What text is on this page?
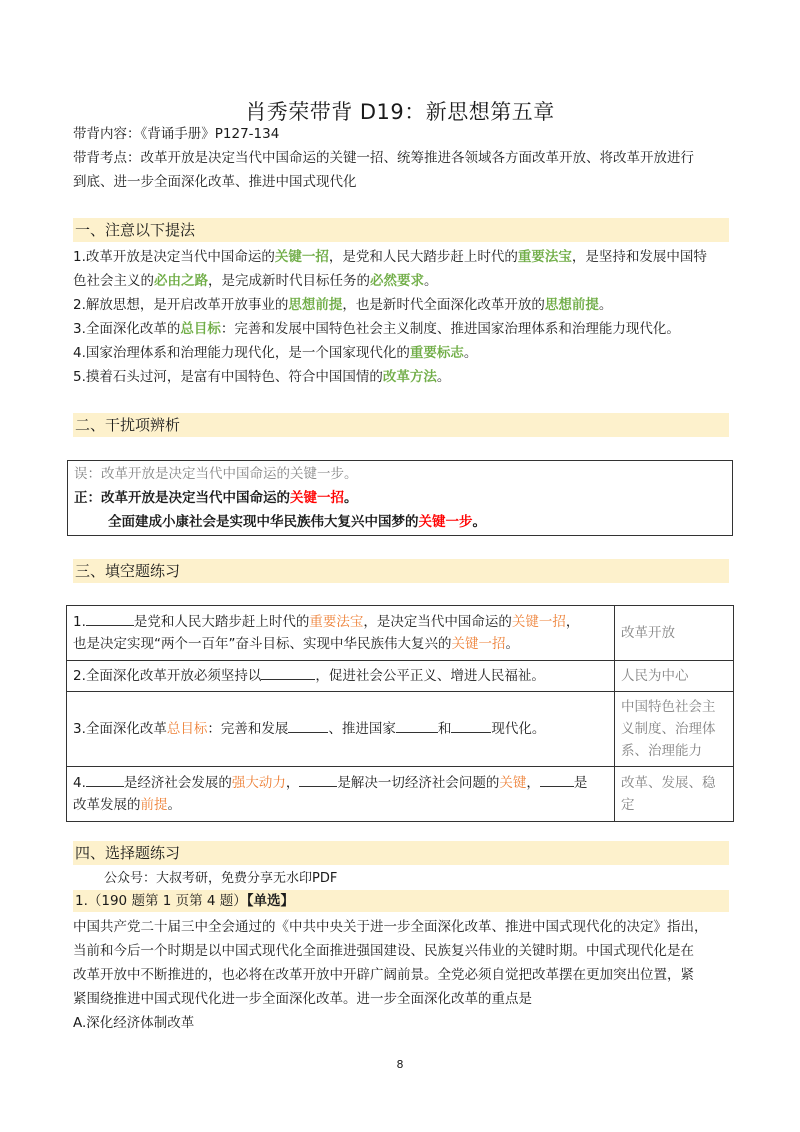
肖秀荣带背 D19：新思想第五章
带背内容：《背诵手册》P127-134
带背考点：改革开放是决定当代中国命运的关键一招、统筹推进各领域各方面改革开放、将改革开放进行
到底、进一步全面深化改革、推进中国式现代化
一、注意以下提法
1.改革开放是决定当代中国命运的关键一招，是党和人民大踏步赶上时代的重要法宝，是坚持和发展中国特
色社会主义的必由之路，是完成新时代目标任务的必然要求。
2.解放思想，是开启改革开放事业的思想前提，也是新时代全面深化改革开放的思想前提。
3.全面深化改革的总目标：完善和发展中国特色社会主义制度、推进国家治理体系和治理能力现代化。
4.国家治理体系和治理能力现代化，是一个国家现代化的重要标志。
5.摸着石头过河，是富有中国特色、符合中国国情的改革方法。
二、干扰项辨析
误：改革开放是决定当代中国命运的关键一步。
正：改革开放是决定当代中国命运的关键一招。
全面建成小康社会是实现中华民族伟大复兴中国梦的关键一步。
三、填空题练习
1. 是党和人民大踏步赶上时代的重要法宝，是决定当代中国命运的关键一招，
也是决定实现“两个一百年”奋斗目标、实现中华民族伟大复兴的关键一招。	改革开放
2.全面深化改革开放必须坚持以 ，促进社会公平正义、增进人民福祉。	人民为中心
3.全面深化改革总目标：完善和发展 、推进国家 和 现代化。	中国特色社会主义制度、治理体系、治理能力

4. 是经济社会发展的强大动力， 是解决一切经济社会问题的关键， 是
改革发展的前提。	改革、发展、稳定
四、选择题练习
公众号：大叔考研，免费分享无水印PDF
1.（190 题第 1 页第 4 题）【单选】
中国共产党二十届三中全会通过的《中共中央关于进一步全面深化改革、推进中国式现代化的决定》指出，
当前和今后一个时期是以中国式现代化全面推进强国建设、民族复兴伟业的关键时期。中国式现代化是在
改革开放中不断推进的，也必将在改革开放中开辟广阔前景。全党必须自觉把改革摆在更加突出位置，紧
紧围绕推进中国式现代化进一步全面深化改革。进一步全面深化改革的重点是
A.深化经济体制改革
8
